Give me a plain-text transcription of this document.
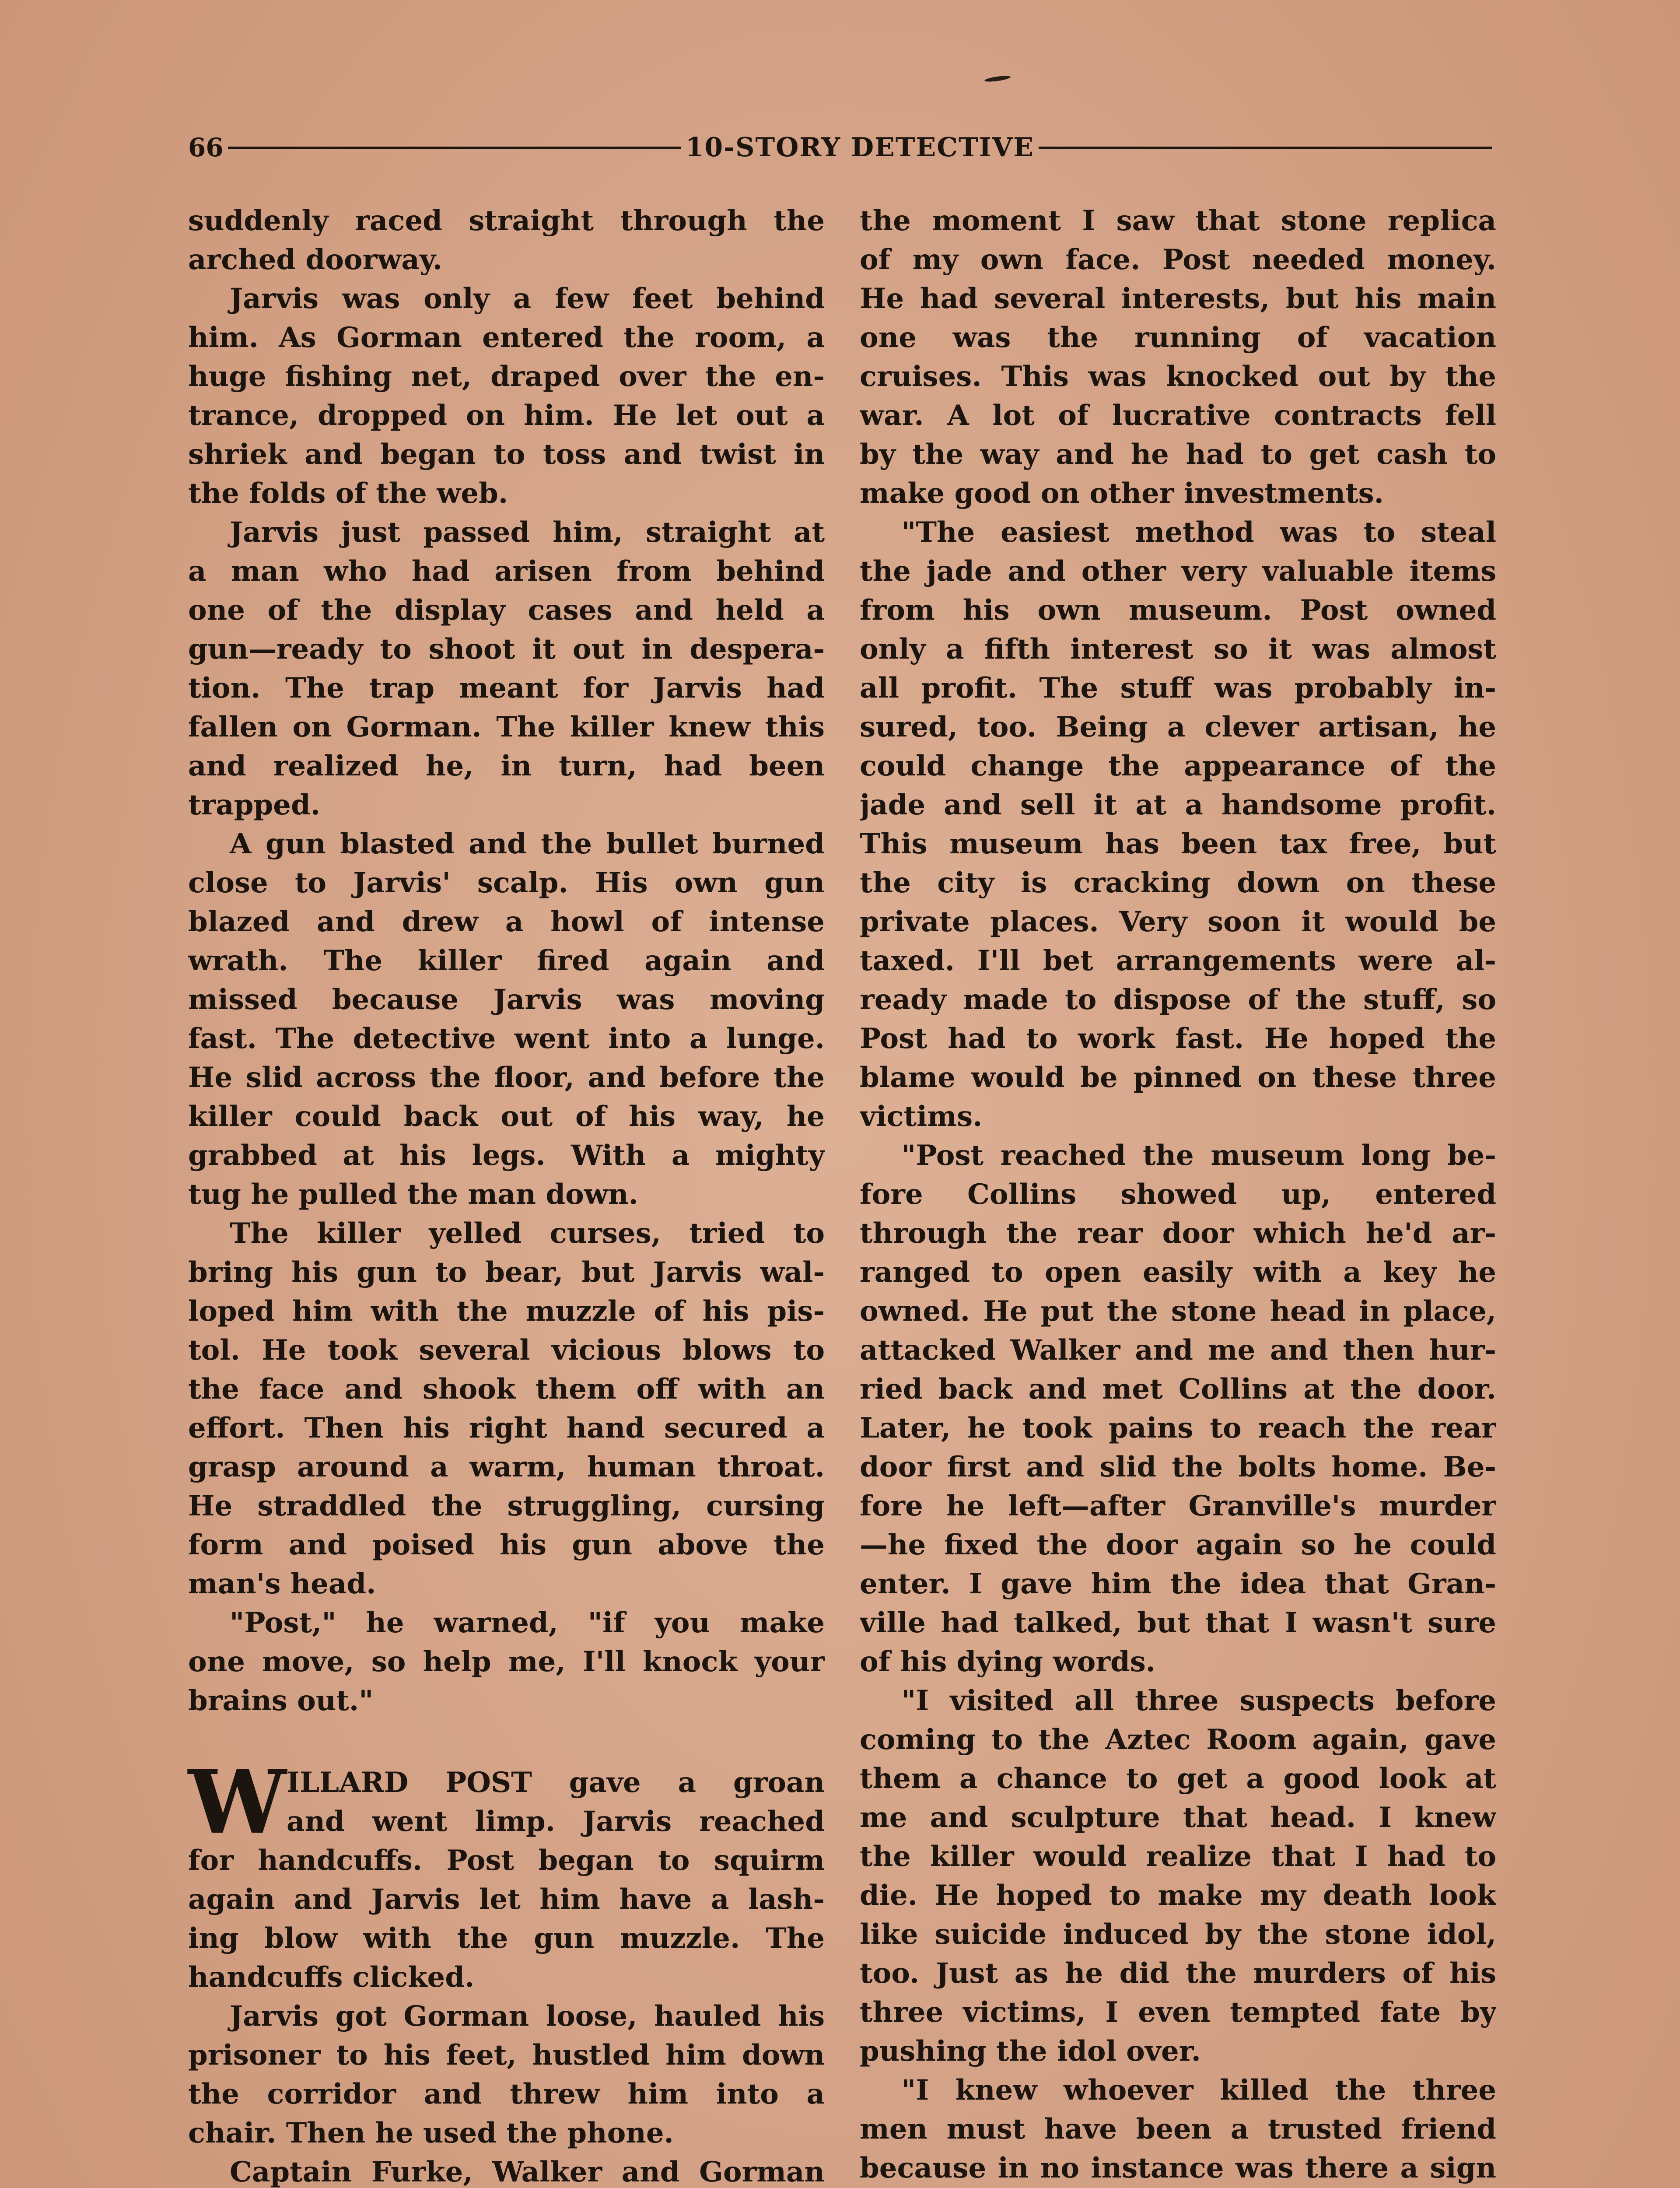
66	10-STORY DETECTIVE
suddenly raced straight through the
arched doorway.
Jarvis was only a few feet behind
him. As Gorman entered the room, a
huge fishing net, draped over the en-
trance, dropped on him. He let out a
shriek and began to toss and twist in
the folds of the web.
Jarvis just passed him, straight at
a man who had arisen from behind
one of the display cases and held a
gun—ready to shoot it out in despera-
tion. The trap meant for Jarvis had
fallen on Gorman. The killer knew this
and realized he, in turn, had been
trapped.
A gun blasted and the bullet burned
close to Jarvis' scalp. His own gun
blazed and drew a howl of intense
wrath. The killer fired again and
missed because Jarvis was moving
fast. The detective went into a lunge.
He slid across the floor, and before the
killer could back out of his way, he
grabbed at his legs. With a mighty
tug he pulled the man down.
The killer yelled curses, tried to
bring his gun to bear, but Jarvis wal-
loped him with the muzzle of his pis-
tol. He took several vicious blows to
the face and shook them off with an
effort. Then his right hand secured a
grasp around a warm, human throat.
He straddled the struggling, cursing
form and poised his gun above the
man's head.
"Post," he warned, "if you make
one move, so help me, I'll knock your
brains out."
W ILLARD POST gave a groan
and went limp. Jarvis reached
for handcuffs. Post began to squirm
again and Jarvis let him have a lash-
ing blow with the gun muzzle. The
handcuffs clicked.
Jarvis got Gorman loose, hauled his
prisoner to his feet, hustled him down
the corridor and threw him into a
chair. Then he used the phone.
Captain Furke, Walker and Gorman
the moment I saw that stone replica
of my own face. Post needed money.
He had several interests, but his main
one was the running of vacation
cruises. This was knocked out by the
war. A lot of lucrative contracts fell
by the way and he had to get cash to
make good on other investments.
"The easiest method was to steal
the jade and other very valuable items
from his own museum. Post owned
only a fifth interest so it was almost
all profit. The stuff was probably in-
sured, too. Being a clever artisan, he
could change the appearance of the
jade and sell it at a handsome profit.
This museum has been tax free, but
the city is cracking down on these
private places. Very soon it would be
taxed. I'll bet arrangements were al-
ready made to dispose of the stuff, so
Post had to work fast. He hoped the
blame would be pinned on these three
victims.
"Post reached the museum long be-
fore Collins showed up, entered
through the rear door which he'd ar-
ranged to open easily with a key he
owned. He put the stone head in place,
attacked Walker and me and then hur-
ried back and met Collins at the door.
Later, he took pains to reach the rear
door first and slid the bolts home. Be-
fore he left—after Granville's murder
—he fixed the door again so he could
enter. I gave him the idea that Gran-
ville had talked, but that I wasn't sure
of his dying words.
"I visited all three suspects before
coming to the Aztec Room again, gave
them a chance to get a good look at
me and sculpture that head. I knew
the killer would realize that I had to
die. He hoped to make my death look
like suicide induced by the stone idol,
too. Just as he did the murders of his
three victims, I even tempted fate by
pushing the idol over.
"I knew whoever killed the three
men must have been a trusted friend
because in no instance was there a sign
